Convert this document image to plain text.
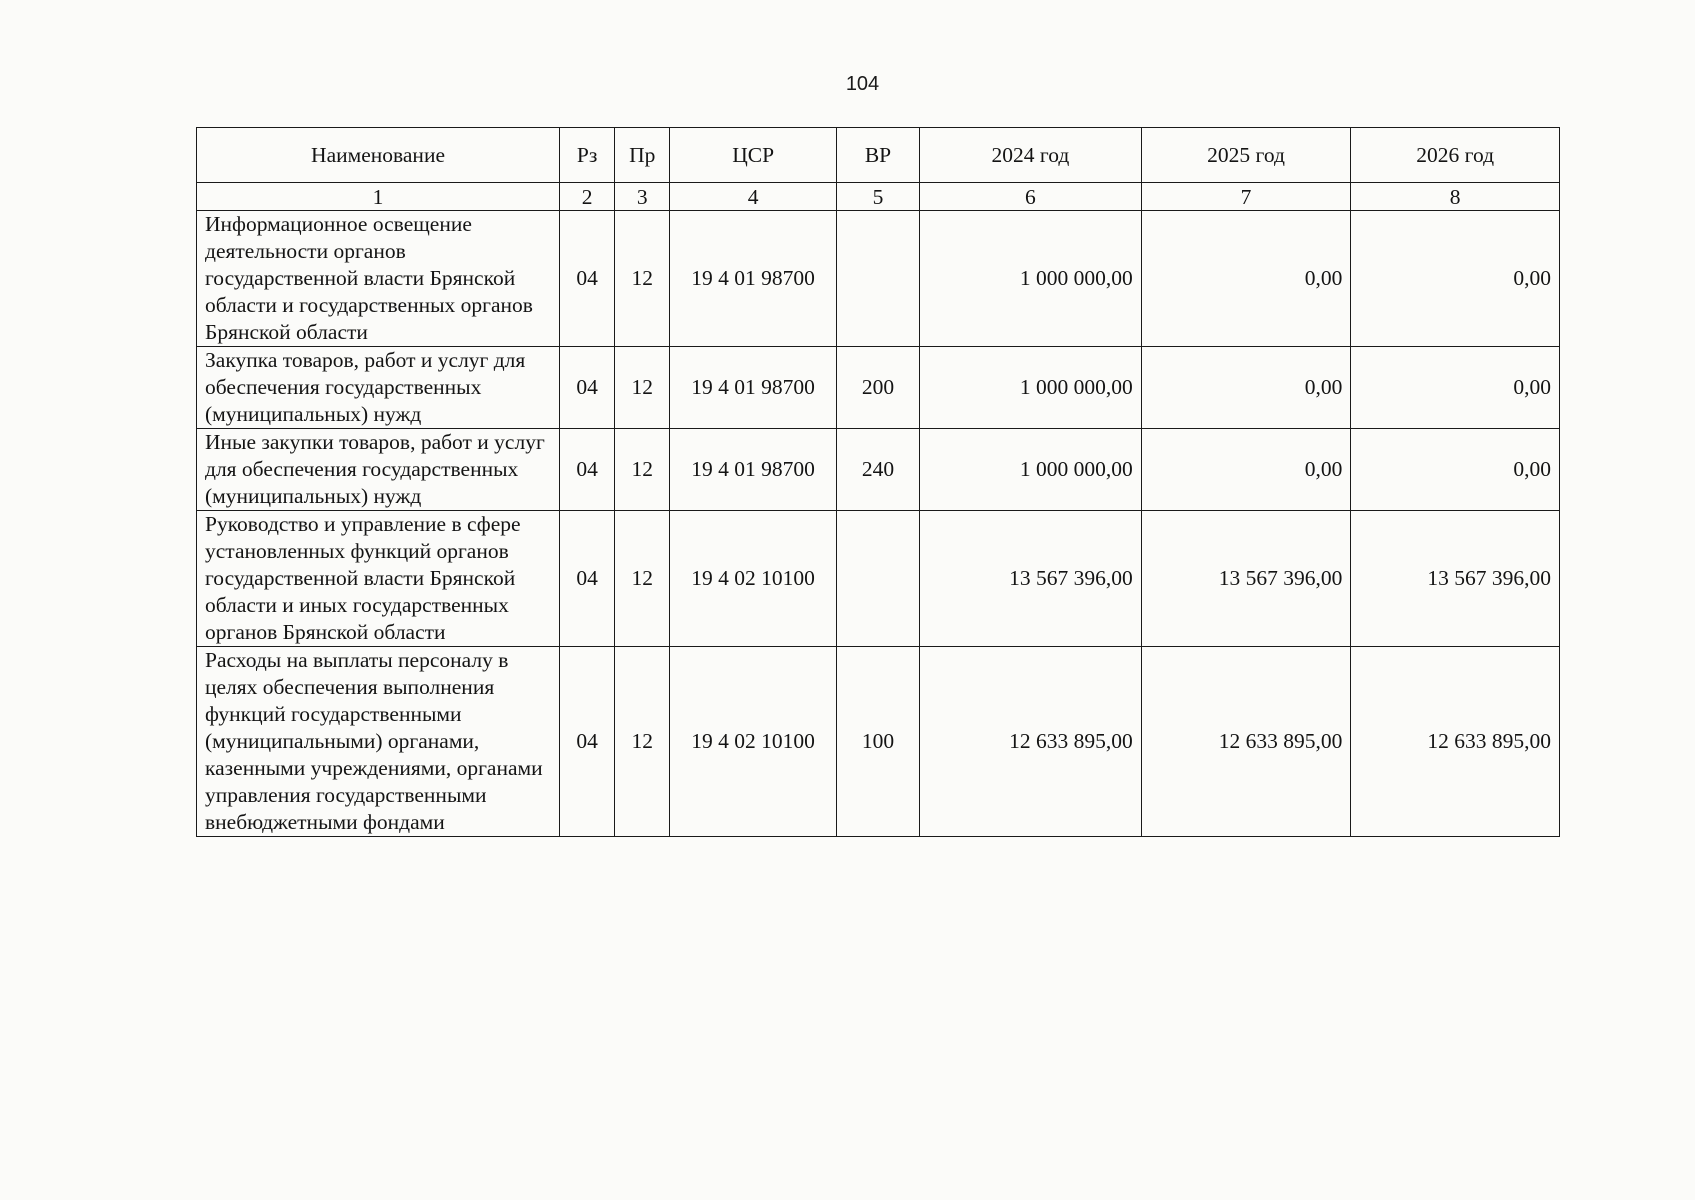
104
Наименование	Рз	Пр	ЦСР	ВР	2024 год	2025 год	2026 год
1	2	3	4	5	6	7	8
Информационное освещение деятельности органов государственной власти Брянской области и государственных органов Брянской области	04	12	19 4 01 98700		1 000 000,00	0,00	0,00
Закупка товаров, работ и услуг для обеспечения государственных (муниципальных) нужд	04	12	19 4 01 98700	200	1 000 000,00	0,00	0,00
Иные закупки товаров, работ и услуг для обеспечения государственных (муниципальных) нужд	04	12	19 4 01 98700	240	1 000 000,00	0,00	0,00
Руководство и управление в сфере установленных функций органов государственной власти Брянской области и иных государственных органов Брянской области	04	12	19 4 02 10100		13 567 396,00	13 567 396,00	13 567 396,00
Расходы на выплаты персоналу в целях обеспечения выполнения функций государственными (муниципальными) органами, казенными учреждениями, органами управления государственными внебюджетными фондами	04	12	19 4 02 10100	100	12 633 895,00	12 633 895,00	12 633 895,00
